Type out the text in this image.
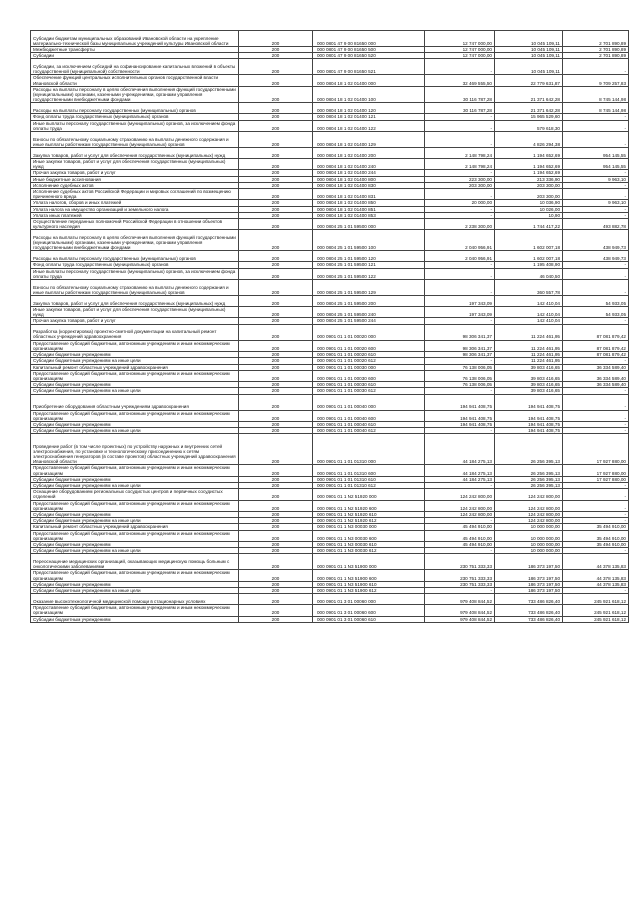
Субсидии бюджетам муниципальных образований Ивановской области на укрепление материально-технической базы муниципальных учреждений культуры Ивановской области	200	000 0801 47 9 00 81650 000	12 747 000,00	10 045 109,11	2 701 890,89
Межбюджетные трансферты	200	000 0801 47 9 00 81650 500	12 747 000,00	10 045 109,11	2 701 890,89
Субсидии	200	000 0801 47 9 00 81650 520	12 747 000,00	10 045 109,11	2 701 890,89
Субсидии, за исключением субсидий на софинансирование капитальных вложений в объекты государственной (муниципальной) собственности	200	000 0801 47 9 00 81650 521	-	10 045 109,11	-
Обеспечение функций центральных исполнительных органов государственной власти Ивановской области	200	000 0804 18 1 02 01400 000	32 469 555,50	22 779 631,87	9 709 257,83
Расходы на выплаты персоналу в целях обеспечения выполнения функций государственными (муниципальными) органами, казенными учреждениями, органами управления государственными внебюджетными фондами	200	000 0804 18 1 02 01400 100	30 116 787,28	21 371 642,28	8 745 144,98
Расходы на выплаты персоналу государственных (муниципальных) органов	200	000 0804 18 1 02 01400 120	30 116 787,28	21 371 642,28	8 745 144,98
Фонд оплаты труда государственных (муниципальных) органов	200	000 0804 18 1 02 01400 121	-	15 965 529,60	-
Иные выплаты персоналу государственных (муниципальных) органов, за исключением фонда оплаты труда	200	000 0804 18 1 02 01400 122	-	579 618,30	-
Взносы по обязательному социальному страхованию на выплаты денежного содержания и иные выплаты работникам государственных (муниципальных) органов	200	000 0804 18 1 02 01400 129	-	4 826 294,38	-
Закупка товаров, работ и услуг для обеспечения государственных (муниципальных) нужд	200	000 0804 18 1 02 01400 200	2 148 798,24	1 194 652,69	954 145,55
Иные закупки товаров, работ и услуг для обеспечения государственных (муниципальных) нужд	200	000 0804 18 1 02 01400 240	2 148 798,24	1 194 652,69	954 145,55
Прочая закупка товаров, работ и услуг	200	000 0804 18 1 02 01400 244	-	1 194 652,69	-
Иные бюджетные ассигнования	200	000 0804 18 1 02 01400 800	223 300,00	213 336,90	9 963,10
Исполнение судебных актов	200	000 0804 18 1 02 01400 830	203 300,00	203 300,00	-
Исполнение судебных актов Российской Федерации и мировых соглашений по возмещению причиненного вреда	200	000 0804 18 1 02 01400 831	-	203 300,00	-
Уплата налогов, сборов и иных платежей	200	000 0804 18 1 02 01400 850	20 000,00	10 036,90	9 963,10
Уплата налога на имущество организаций и земельного налога	200	000 0804 18 1 02 01400 851	-	10 026,00	-
Уплата иных платежей	200	000 0804 18 1 02 01400 853	-	10,90	-
Осуществление переданных полномочий Российской Федерации в отношении объектов культурного наследия	200	000 0804 25 1 01 59500 000	2 238 300,00	1 744 417,22	493 882,78
Расходы на выплаты персоналу в целях обеспечения выполнения функций государственными (муниципальными) органами, казенными учреждениями, органами управления государственными внебюджетными фондами	200	000 0804 25 1 01 59500 100	2 040 956,91	1 602 007,18	438 949,73
Расходы на выплаты персоналу государственных (муниципальных) органов	200	000 0804 25 1 01 59500 120	2 040 956,91	1 602 007,18	438 949,73
Фонд оплаты труда государственных (муниципальных) органов	200	000 0804 25 1 01 59500 121	-	1 195 408,90	-
Иные выплаты персоналу государственных (муниципальных) органов, за исключением фонда оплаты труда	200	000 0804 25 1 01 59500 122	-	46 040,50	-
Взносы по обязательному социальному страхованию на выплаты денежного содержания и иные выплаты работникам государственных (муниципальных) органов	200	000 0804 25 1 01 59500 129	-	360 557,78	-
Закупка товаров, работ и услуг для обеспечения государственных (муниципальных) нужд	200	000 0804 25 1 01 59500 200	197 343,09	142 410,04	54 933,05
Иные закупки товаров, работ и услуг для обеспечения государственных (муниципальных) нужд	200	000 0804 25 1 01 59500 240	197 343,09	142 410,04	54 933,05
Прочая закупка товаров, работ и услуг	200	000 0804 25 1 01 59500 244	-	142 410,04	-
Разработка (корректировка) проектно-сметной документации на капитальный ремонт областных учреждений здравоохранения	200	000 0901 01 1 01 00020 000	98 306 341,37	11 224 461,95	87 081 879,42
Предоставление субсидий бюджетным, автономным учреждениям и иным некоммерческим организациям	200	000 0901 01 1 01 00020 600	98 306 341,37	11 224 461,95	87 081 879,42
Субсидии бюджетным учреждениям	200	000 0901 01 1 01 00020 610	98 306 341,37	11 224 461,95	87 081 879,42
Субсидии бюджетным учреждениям на иные цели	200	000 0901 01 1 01 00020 612	-	11 224 461,95	-
Капитальный ремонт областных учреждений здравоохранения	200	000 0901 01 1 01 00030 000	76 138 006,05	39 803 416,65	36 334 589,40
Предоставление субсидий бюджетным, автономным учреждениям и иным некоммерческим организациям	200	000 0901 01 1 01 00030 600	76 138 006,05	39 803 416,65	36 334 589,40
Субсидии бюджетным учреждениям	200	000 0901 01 1 01 00030 610	76 138 006,05	39 803 416,65	36 334 589,40
Субсидии бюджетным учреждениям на иные цели	200	000 0901 01 1 01 00030 612	-	39 803 416,65	-
Приобретение оборудования областным учреждениям здравоохранения	200	000 0901 01 1 01 00040 000	194 941 408,75	194 941 408,75	-
Предоставление субсидий бюджетным, автономным учреждениям и иным некоммерческим организациям	200	000 0901 01 1 01 00040 600	194 941 408,75	194 941 408,75	-
Субсидии бюджетным учреждениям	200	000 0901 01 1 01 00040 610	194 941 408,75	194 941 408,75	-
Субсидии бюджетным учреждениям на иные цели	200	000 0901 01 1 01 00040 612	-	194 941 408,75	-
Проведение работ (в том числе проектных) по устройству наружных и внутренних сетей электроснабжения, по установке и технологическому присоединению к сетям электроснабжения генераторов (в составе проектов) областных учреждений здравоохранения Ивановской области	200	000 0901 01 1 01 01310 000	44 184 275,13	26 256 395,13	17 927 880,00
Предоставление субсидий бюджетным, автономным учреждениям и иным некоммерческим организациям	200	000 0901 01 1 01 01310 600	44 184 275,13	26 256 395,13	17 927 880,00
Субсидии бюджетным учреждениям	200	000 0901 01 1 01 01310 610	44 184 275,13	26 256 395,13	17 927 880,00
Субсидии бюджетным учреждениям на иные цели	200	000 0901 01 1 01 01310 612	-	26 256 395,13	-
Оснащение оборудованием региональных сосудистых центров и первичных сосудистых отделений	200	000 0901 01 1 N2 51920 000	124 242 800,00	124 242 800,00	-
Предоставление субсидий бюджетным, автономным учреждениям и иным некоммерческим организациям	200	000 0901 01 1 N2 51920 600	124 242 800,00	124 242 800,00	-
Субсидии бюджетным учреждениям	200	000 0901 01 1 N2 51920 610	124 242 800,00	124 242 800,00	-
Субсидии бюджетным учреждениям на иные цели	200	000 0901 01 1 N2 51920 612	-	124 242 800,00	-
Капитальный ремонт областных учреждений здравоохранения	200	000 0901 01 1 N3 00030 000	45 494 910,00	10 000 000,00	35 494 910,00
Предоставление субсидий бюджетным, автономным учреждениям и иным некоммерческим организациям	200	000 0901 01 1 N3 00030 600	45 494 910,00	10 000 000,00	35 494 910,00
Субсидии бюджетным учреждениям	200	000 0901 01 1 N3 00030 610	45 494 910,00	10 000 000,00	35 494 910,00
Субсидии бюджетным учреждениям на иные цели	200	000 0901 01 1 N3 00030 612	-	10 000 000,00	-
Переоснащение медицинских организаций, оказывающих медицинскую помощь больным с онкологическими заболеваниями	200	000 0901 01 1 N3 51900 000	230 751 333,33	186 373 197,50	44 378 135,83
Предоставление субсидий бюджетным, автономным учреждениям и иным некоммерческим организациям	200	000 0901 01 1 N3 51900 600	230 751 333,33	186 373 197,50	44 378 135,83
Субсидии бюджетным учреждениям	200	000 0901 01 1 N3 51900 610	230 751 333,33	186 373 197,50	44 378 135,83
Субсидии бюджетным учреждениям на иные цели	200	000 0901 01 1 N3 51900 612	-	186 373 197,50	-
Оказание высокотехнологичной медицинской помощи в стационарных условиях	200	000 0901 01 3 01 00060 000	979 408 844,52	733 486 826,40	245 921 618,12
Предоставление субсидий бюджетным, автономным учреждениям и иным некоммерческим организациям	200	000 0901 01 3 01 00060 600	979 408 844,52	733 486 826,40	245 921 618,12
Субсидии бюджетным учреждениям	200	000 0901 01 3 01 00060 610	979 408 844,52	733 486 826,40	245 921 618,12
